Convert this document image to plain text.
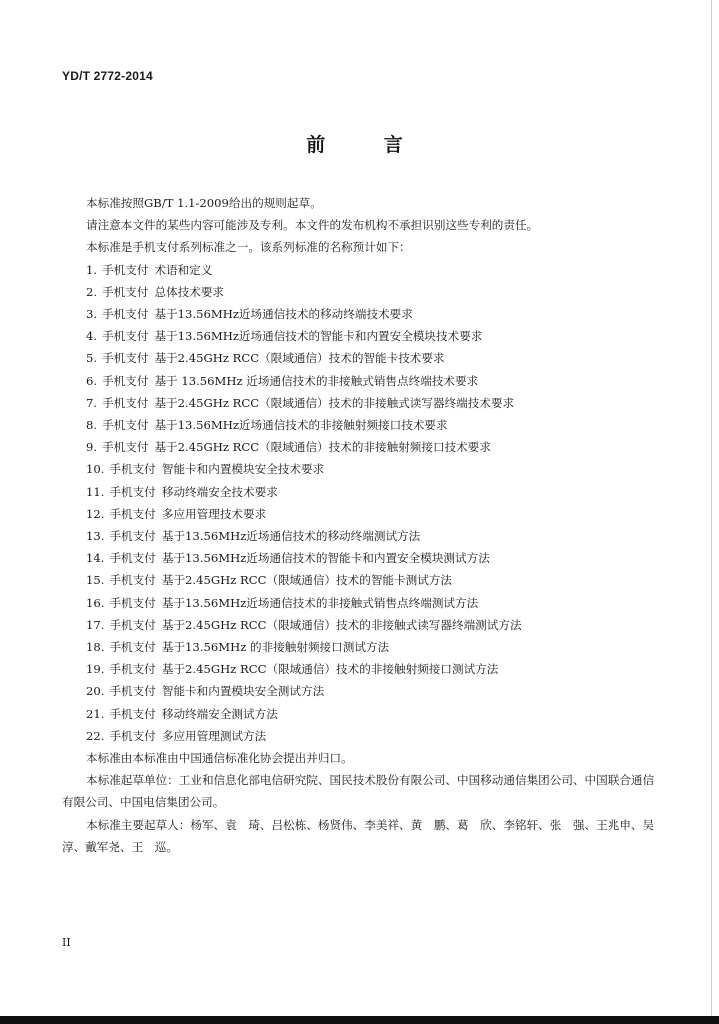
YD/T 2772-2014
前 言
本标准按照GB/T 1.1-2009给出的规则起草。
请注意本文件的某些内容可能涉及专利。本文件的发布机构不承担识别这些专利的责任。
本标准是手机支付系列标准之一。该系列标准的名称预计如下：
1. 手机支付 术语和定义
2. 手机支付 总体技术要求
3. 手机支付 基于13.56MHz近场通信技术的移动终端技术要求
4. 手机支付 基于13.56MHz近场通信技术的智能卡和内置安全模块技术要求
5. 手机支付 基于2.45GHz RCC（限域通信）技术的智能卡技术要求
6. 手机支付 基于 13.56MHz 近场通信技术的非接触式销售点终端技术要求
7. 手机支付 基于2.45GHz RCC（限域通信）技术的非接触式读写器终端技术要求
8. 手机支付 基于13.56MHz近场通信技术的非接触射频接口技术要求
9. 手机支付 基于2.45GHz RCC（限域通信）技术的非接触射频接口技术要求
10. 手机支付 智能卡和内置模块安全技术要求
11. 手机支付 移动终端安全技术要求
12. 手机支付 多应用管理技术要求
13. 手机支付 基于13.56MHz近场通信技术的移动终端测试方法
14. 手机支付 基于13.56MHz近场通信技术的智能卡和内置安全模块测试方法
15. 手机支付 基于2.45GHz RCC（限域通信）技术的智能卡测试方法
16. 手机支付 基于13.56MHz近场通信技术的非接触式销售点终端测试方法
17. 手机支付 基于2.45GHz RCC（限域通信）技术的非接触式读写器终端测试方法
18. 手机支付 基于13.56MHz 的非接触射频接口测试方法
19. 手机支付 基于2.45GHz RCC（限域通信）技术的非接触射频接口测试方法
20. 手机支付 智能卡和内置模块安全测试方法
21. 手机支付 移动终端安全测试方法
22. 手机支付 多应用管理测试方法
本标准由本标准由中国通信标准化协会提出并归口。
本标准起草单位：工业和信息化部电信研究院、国民技术股份有限公司、中国移动通信集团公司、中国联合通信有限公司、中国电信集团公司。
本标准主要起草人：杨军、袁　琦、吕松栋、杨贤伟、李美祥、黄　鹏、葛　欣、李铭轩、张　强、王兆申、吴　淳、戴军尧、王　巡。
II
